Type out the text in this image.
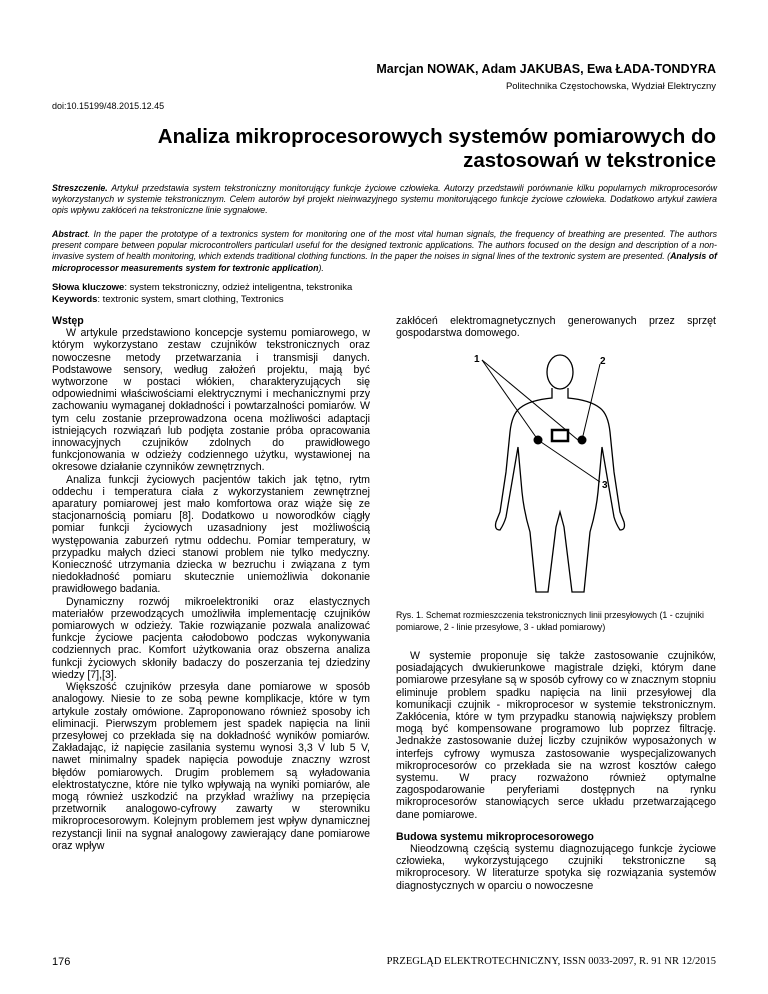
Marcjan NOWAK, Adam JAKUBAS, Ewa ŁADA-TONDYRA
Politechnika Częstochowska, Wydział Elektryczny
doi:10.15199/48.2015.12.45
Analiza mikroprocesorowych systemów pomiarowych do zastosowań w tekstronice
Streszczenie. Artykuł przedstawia system tekstroniczny monitorujący funkcje życiowe człowieka. Autorzy przedstawili porównanie kilku popularnych mikroprocesorów wykorzystanych w systemie tekstronicznym. Celem autorów był projekt nieinwazyjnego systemu monitorującego funkcje życiowe człowieka. Dodatkowo artykuł zawiera opis wpływu zakłóceń na tekstroniczne linie sygnałowe.
Abstract. In the paper the prototype of a textronics system for monitoring one of the most vital human signals, the frequency of breathing are presented. The authors present compare between popular microcontrollers particularl useful for the designed textronic applications. The authors focused on the design and description of a non-invasive system of health monitoring, which extends traditional clothing functions. In the paper the noises in signal lines of the textronic system are presented. (Analysis of microprocessor measurements system for textronic application).
Słowa kluczowe: system tekstroniczny, odzież inteligentna, tekstronika
Keywords: textronic system, smart clothing, Textronics
Wstęp

W artykule przedstawiono koncepcje systemu pomiarowego, w którym wykorzystano zestaw czujników tekstronicznych oraz nowoczesne metody przetwarzania i transmisji danych. Podstawowe sensory, według założeń projektu, mają być wytworzone w postaci włókien, charakteryzujących się odpowiednimi właściwościami elektrycznymi i mechanicznymi przy zachowaniu wymaganej dokładności i powtarzalności pomiarów. W tym celu zostanie przeprowadzona ocena możliwości adaptacji istniejących rozwiązań lub podjęta zostanie próba opracowania innowacyjnych czujników zdolnych do prawidłowego funkcjonowania w odzieży codziennego użytku, wystawionej na okresowe działanie czynników zewnętrznych.

Analiza funkcji życiowych pacjentów takich jak tętno, rytm oddechu i temperatura ciała z wykorzystaniem zewnętrznej aparatury pomiarowej jest mało komfortowa oraz wiąże się ze stacjonarnością pomiaru [8]. Dodatkowo u noworodków ciągły pomiar funkcji życiowych uzasadniony jest możliwością występowania zaburzeń rytmu oddechu. Pomiar temperatury, w przypadku małych dzieci stanowi problem nie tylko medyczny. Konieczność utrzymania dziecka w bezruchu i związana z tym niedokładność pomiaru skutecznie uniemożliwia dokonanie prawidłowego badania.

Dynamiczny rozwój mikroelektroniki oraz elastycznych materiałów przewodzących umożliwiła implementację czujników pomiarowych w odzieży. Takie rozwiązanie pozwala analizować funkcje życiowe pacjenta całodobowo podczas wykonywania codziennych prac. Komfort użytkowania oraz obszerna analiza funkcji życiowych skłoniły badaczy do poszerzania tej dziedziny wiedzy [7],[3].

Większość czujników przesyła dane pomiarowe w sposób analogowy. Niesie to ze sobą pewne komplikacje, które w tym artykule zostały omówione. Zaproponowano również sposoby ich eliminacji. Pierwszym problemem jest spadek napięcia na linii przesyłowej co przekłada się na dokładność wyników pomiarów. Zakładając, iż napięcie zasilania systemu wynosi 3,3 V lub 5 V, nawet minimalny spadek napięcia powoduje znaczny wzrost błędów pomiarowych. Drugim problemem są wyładowania elektrostatyczne, które nie tylko wpływają na wyniki pomiarów, ale mogą również uszkodzić na przykład wrażliwy na przepięcia przetwornik analogowo-cyfrowy zawarty w sterowniku mikroprocesorowym. Kolejnym problemem jest wpływ dynamicznej rezystancji linii na sygnał analogowy zawierający dane pomiarowe oraz wpływ

zakłóceń elektromagnetycznych generowanych przez sprzęt gospodarstwa domowego.

1	2
3
Rys. 1. Schemat rozmieszczenia tekstronicznych linii przesyłowych (1 - czujniki pomiarowe, 2 - linie przesyłowe, 3 - układ pomiarowy)

W systemie proponuje się także zastosowanie czujników, posiadających dwukierunkowe magistrale dzięki, którym dane pomiarowe przesyłane są w sposób cyfrowy co w znacznym stopniu eliminuje problem spadku napięcia na linii przesyłowej dla komunikacji czujnik - mikroprocesor w systemie tekstronicznym. Zakłócenia, które w tym przypadku stanowią największy problem mogą być kompensowane programowo lub poprzez filtrację. Jednakże zastosowanie dużej liczby czujników wyposażonych w interfejs cyfrowy wymusza zastosowanie wyspecjalizowanych mikroprocesorów co przekłada sie na wzrost kosztów całego systemu. W pracy rozważono również optymalne zagospodarowanie peryferiami dostępnych na rynku mikroprocesorów stanowiących serce układu przetwarzającego dane pomiarowe.

Budowa systemu mikroprocesorowego

Nieodzowną częścią systemu diagnozującego funkcje życiowe człowieka, wykorzystującego czujniki tekstroniczne są mikroprocesory. W literaturze spotyka się rozwiązania systemów diagnostycznych w oparciu o nowoczesne

176	PRZEGLĄD ELEKTROTECHNICZNY, ISSN 0033-2097, R. 91 NR 12/2015
